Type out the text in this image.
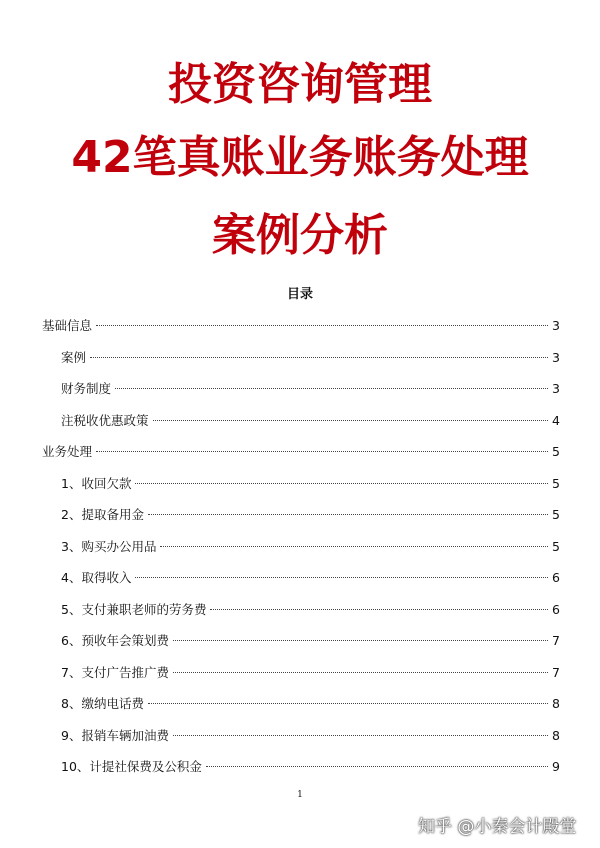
投资咨询管理
42笔真账业务账务处理
案例分析
目录
基础信息	3
案例	3
财务制度	3
注税收优惠政策	4
业务处理	5
1、收回欠款	5
2、提取备用金	5
3、购买办公用品	5
4、取得收入	6
5、支付兼职老师的劳务费	6
6、预收年会策划费	7
7、支付广告推广费	7
8、缴纳电话费	8
9、报销车辆加油费	8
10、计提社保费及公积金	9
1
知乎 @小秦会计殿堂
